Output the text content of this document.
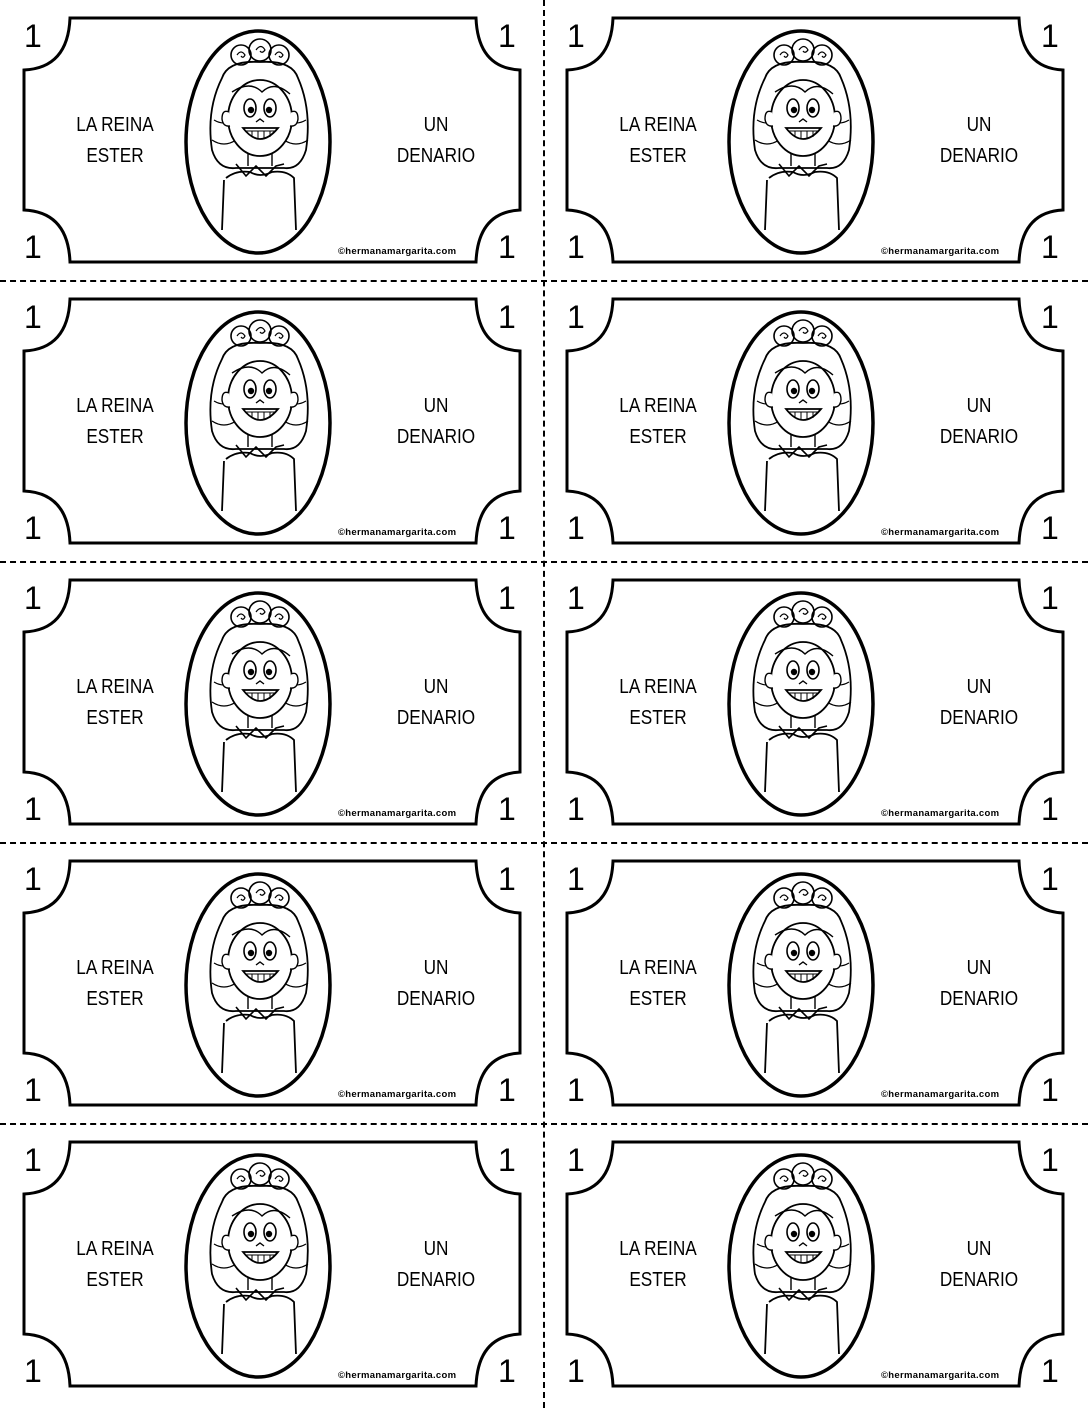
1	1
1	1
LA REINA
ESTER
UN
DENARIO
©hermanamargarita.com
1	1
1	1
LA REINA
ESTER
UN
DENARIO
©hermanamargarita.com
1	1
1	1
LA REINA
ESTER
UN
DENARIO
©hermanamargarita.com
1	1
1	1
LA REINA
ESTER
UN
DENARIO
©hermanamargarita.com
1	1
1	1
LA REINA
ESTER
UN
DENARIO
©hermanamargarita.com
1	1
1	1
LA REINA
ESTER
UN
DENARIO
©hermanamargarita.com
1	1
1	1
LA REINA
ESTER
UN
DENARIO
©hermanamargarita.com
1	1
1	1
LA REINA
ESTER
UN
DENARIO
©hermanamargarita.com
1	1
1	1
LA REINA
ESTER
UN
DENARIO
©hermanamargarita.com
1	1
1	1
LA REINA
ESTER
UN
DENARIO
©hermanamargarita.com
